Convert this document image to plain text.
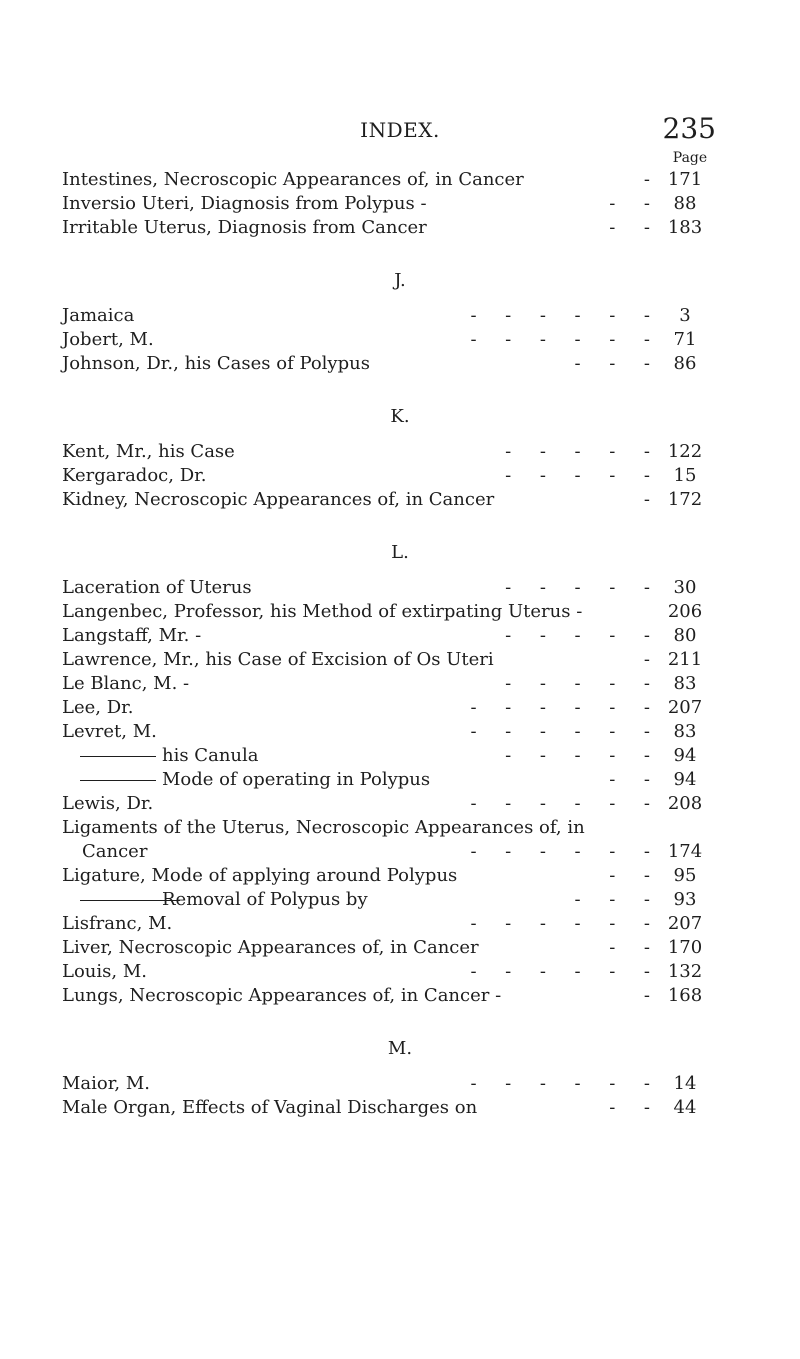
INDEX.	235
Page
Intestines, Necroscopic Appearances of, in Cancer	- 171
Inversio Uteri, Diagnosis from Polypus -	-     -	88
Irritable Uterus, Diagnosis from Cancer	-     - 183
J.
Jamaica	-     -     -     -     -     -	3
Jobert, M.	-     -     -     -     -     -	71
Johnson, Dr., his Cases of Polypus	-     -     -	86
K.
Kent, Mr., his Case	-     -     -     -     - 122
Kergaradoc, Dr.	-     -     -     -     -	15
Kidney, Necroscopic Appearances of, in Cancer	- 172
L.
Laceration of Uterus	-     -     -     -     -	30
Langenbec, Professor, his Method of extirpating Uterus -	206
Langstaff, Mr. -	-     -     -     -     -	80
Lawrence, Mr., his Case of Excision of Os Uteri	- 211
Le Blanc, M. -	-     -     -     -     -	83
Lee, Dr.	-     -     -     -     -     - 207
Levret, M.	-     -     -     -     -     -	83
his Canula	-     -     -     -     -	94
Mode of operating in Polypus	-     -	94
Lewis, Dr.	-     -     -     -     -     - 208
Ligaments of the Uterus, Necroscopic Appearances of, in
Cancer	-     -     -     -     -     - 174
Ligature, Mode of applying around Polypus	-     -	95
Removal of Polypus by	-     -     -	93
Lisfranc, M.	-     -     -     -     -     - 207
Liver, Necroscopic Appearances of, in Cancer	-     - 170
Louis, M.	-     -     -     -     -     - 132
Lungs, Necroscopic Appearances of, in Cancer -	- 168
M.
Maior, M.	-     -     -     -     -     -	14
Male Organ, Effects of Vaginal Discharges on	-     -	44
